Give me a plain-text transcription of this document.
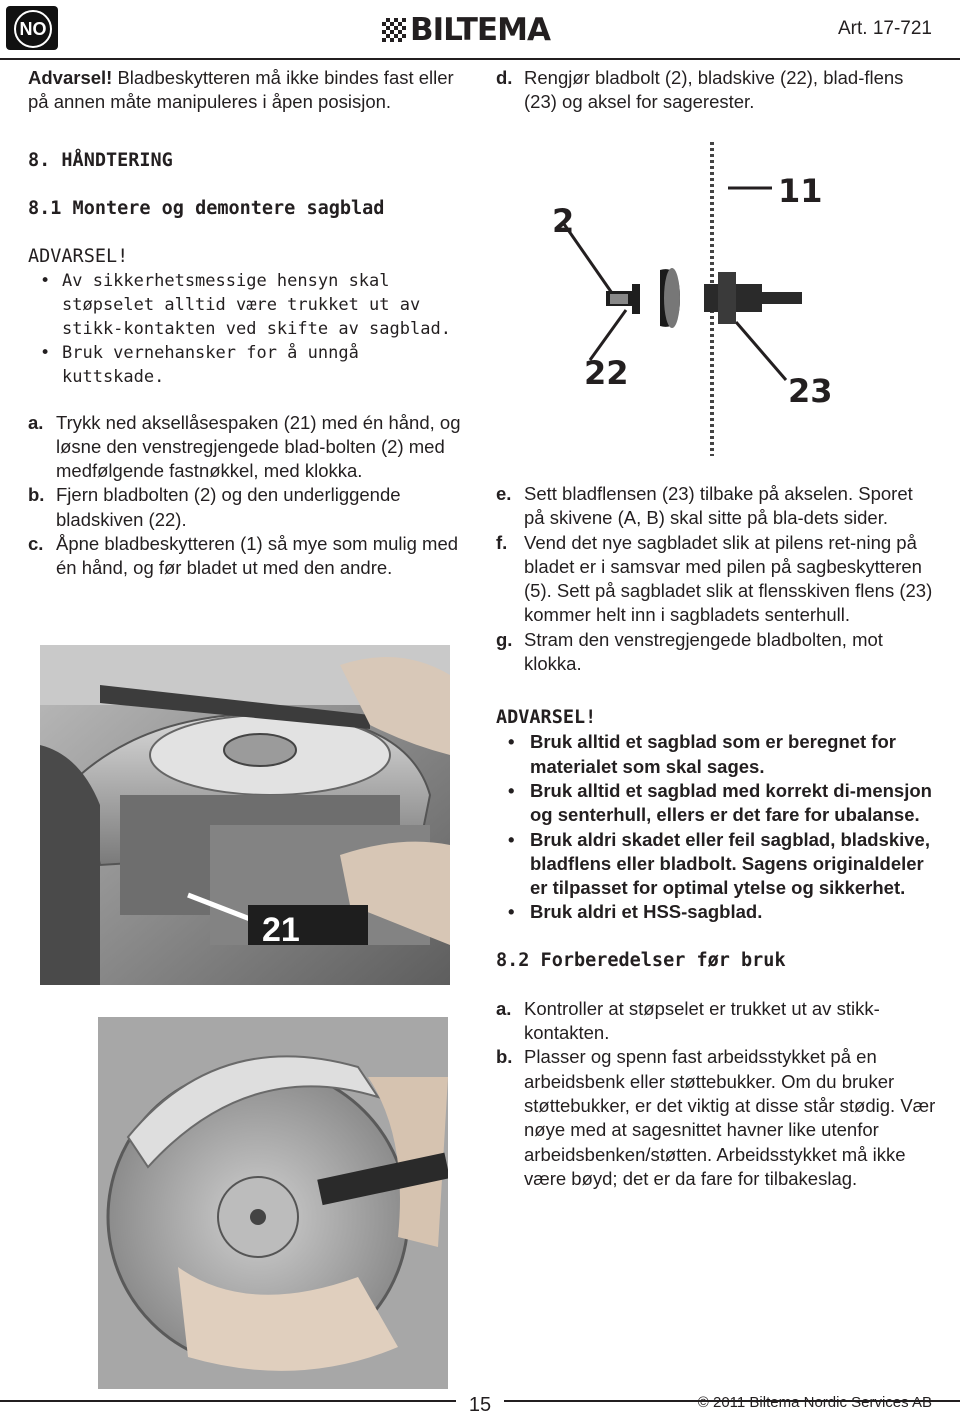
NO	BILTEMA	Art. 17-721

Advarsel! Bladbeskytteren må ikke bindes fast eller på annen måte manipuleres i åpen posisjon.

8. HÅNDTERING

8.1 Montere og demontere sagblad

ADVARSEL!

• Av sikkerhetsmessige hensyn skal støpselet alltid være trukket ut av stikk-kontakten ved skifte av sagblad.
• Bruk vernehansker for å unngå kuttskade.
a. Trykk ned aksellåsespaken (21) med én hånd, og løsne den venstregjengede blad-bolten (2) med medfølgende fastnøkkel, med klokka.
b. Fjern bladbolten (2) og den underliggende bladskiven (22).
c. Åpne bladbeskytteren (1) så mye som mulig med én hånd, og før bladet ut med den andre.
21
d. Rengjør bladbolt (2), bladskive (22), blad-flens (23) og aksel for sagerester.
2
11
22	23
e. Sett bladflensen (23) tilbake på akselen. Sporet på skivene (A, B) skal sitte på bla-dets sider.
f. Vend det nye sagbladet slik at pilens ret-ning på bladet er i samsvar med pilen på sagbeskytteren (5). Sett på sagbladet slik at flensskiven flens (23) kommer helt inn i sagbladets senterhull.
g. Stram den venstregjengede bladbolten, mot klokka.

ADVARSEL!

• Bruk alltid et sagblad som er beregnet for materialet som skal sages.
• Bruk alltid et sagblad med korrekt di-mensjon og senterhull, ellers er det fare for ubalanse.
• Bruk aldri skadet eller feil sagblad, bladskive, bladflens eller bladbolt. Sagens originaldeler er tilpasset for optimal ytelse og sikkerhet.
• Bruk aldri et HSS-sagblad.

8.2 Forberedelser før bruk

a. Kontroller at støpselet er trukket ut av stikk-kontakten.
b. Plasser og spenn fast arbeidsstykket på en arbeidsbenk eller støttebukker. Om du bruker støttebukker, er det viktig at disse står stødig. Vær nøye med at sagesnittet havner like utenfor arbeidsbenken/støtten. Arbeidsstykket må ikke være bøyd; det er da fare for tilbakeslag.
15	© 2011 Biltema Nordic Services AB
